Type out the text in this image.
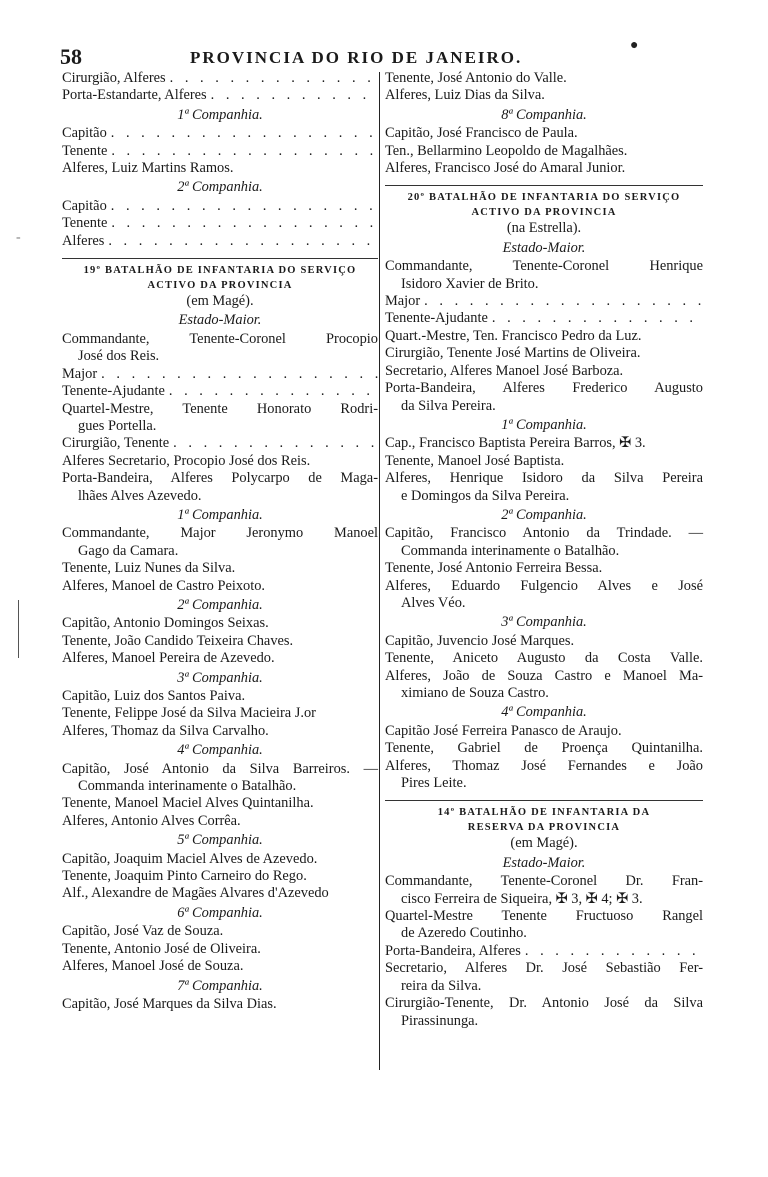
58	PROVINCIA DO RIO DE JANEIRO.
●
-
Cirurgião, Alferes
. . .
Porta-Estandarte, Alferes
. . .
1ª Companhia.
Capitão
. . .
Tenente
. . .
Alferes, Luiz Martins Ramos.
2ª Companhia.
Capitão
. . .
Tenente
. . .
Alferes
. . .
19º BATALHÃO DE INFANTARIA DO SERVIÇO
ACTIVO DA PROVINCIA
(em Magé).
Estado-Maior.
Commandante, Tenente-Coronel Procopio
José dos Reis.
Major
. . .
Tenente-Ajudante
. . .
Quartel-Mestre, Tenente Honorato Rodri-
gues Portella.
Cirurgião, Tenente
. . .
Alferes Secretario, Procopio José dos Reis.
Porta-Bandeira, Alferes Polycarpo de Maga-
lhães Alves Azevedo.
1ª Companhia.
Commandante, Major Jeronymo Manoel
Gago da Camara.
Tenente, Luiz Nunes da Silva.
Alferes, Manoel de Castro Peixoto.
2ª Companhia.
Capitão, Antonio Domingos Seixas.
Tenente, João Candido Teixeira Chaves.
Alferes, Manoel Pereira de Azevedo.
3ª Companhia.
Capitão, Luiz dos Santos Paiva.
Tenente, Felippe José da Silva Macieira J.or
Alferes, Thomaz da Silva Carvalho.
4ª Companhia.
Capitão, José Antonio da Silva Barreiros. —
Commanda interinamente o Batalhão.
Tenente, Manoel Maciel Alves Quintanilha.
Alferes, Antonio Alves Corrêa.
5ª Companhia.
Capitão, Joaquim Maciel Alves de Azevedo.
Tenente, Joaquim Pinto Carneiro do Rego.
Alf., Alexandre de Magães Alvares d'Azevedo
6ª Companhia.
Capitão, José Vaz de Souza.
Tenente, Antonio José de Oliveira.
Alferes, Manoel José de Souza.
7ª Companhia.
Capitão, José Marques da Silva Dias.
Tenente, José Antonio do Valle.
Alferes, Luiz Dias da Silva.
8ª Companhia.
Capitão, José Francisco de Paula.
Ten., Bellarmino Leopoldo de Magalhães.
Alferes, Francisco José do Amaral Junior.
20º BATALHÃO DE INFANTARIA DO SERVIÇO
ACTIVO DA PROVINCIA
(na Estrella).
Estado-Maior.
Commandante, Tenente-Coronel Henrique
Isidoro Xavier de Brito.
Major
. . .
Tenente-Ajudante
. . .
Quart.-Mestre, Ten. Francisco Pedro da Luz.
Cirurgião, Tenente José Martins de Oliveira.
Secretario, Alferes Manoel José Barboza.
Porta-Bandeira, Alferes Frederico Augusto
da Silva Pereira.
1ª Companhia.
Cap., Francisco Baptista Pereira Barros, ✠ 3.
Tenente, Manoel José Baptista.
Alferes, Henrique Isidoro da Silva Pereira
e Domingos da Silva Pereira.
2ª Companhia.
Capitão, Francisco Antonio da Trindade. —
Commanda interinamente o Batalhão.
Tenente, José Antonio Ferreira Bessa.
Alferes, Eduardo Fulgencio Alves e José
Alves Véo.
3ª Companhia.
Capitão, Juvencio José Marques.
Tenente, Aniceto Augusto da Costa Valle.
Alferes, João de Souza Castro e Manoel Ma-
ximiano de Souza Castro.
4ª Companhia.
Capitão José Ferreira Panasco de Araujo.
Tenente, Gabriel de Proença Quintanilha.
Alferes, Thomaz José Fernandes e João
Pires Leite.
14º BATALHÃO DE INFANTARIA DA
RESERVA DA PROVINCIA
(em Magé).
Estado-Maior.
Commandante, Tenente-Coronel Dr. Fran-
cisco Ferreira de Siqueira, ✠ 3, ✠ 4; ✠ 3.
Quartel-Mestre Tenente Fructuoso Rangel
de Azeredo Coutinho.
Porta-Bandeira, Alferes
. . .
Secretario, Alferes Dr. José Sebastião Fer-
reira da Silva.
Cirurgião-Tenente, Dr. Antonio José da Silva
Pirassinunga.
